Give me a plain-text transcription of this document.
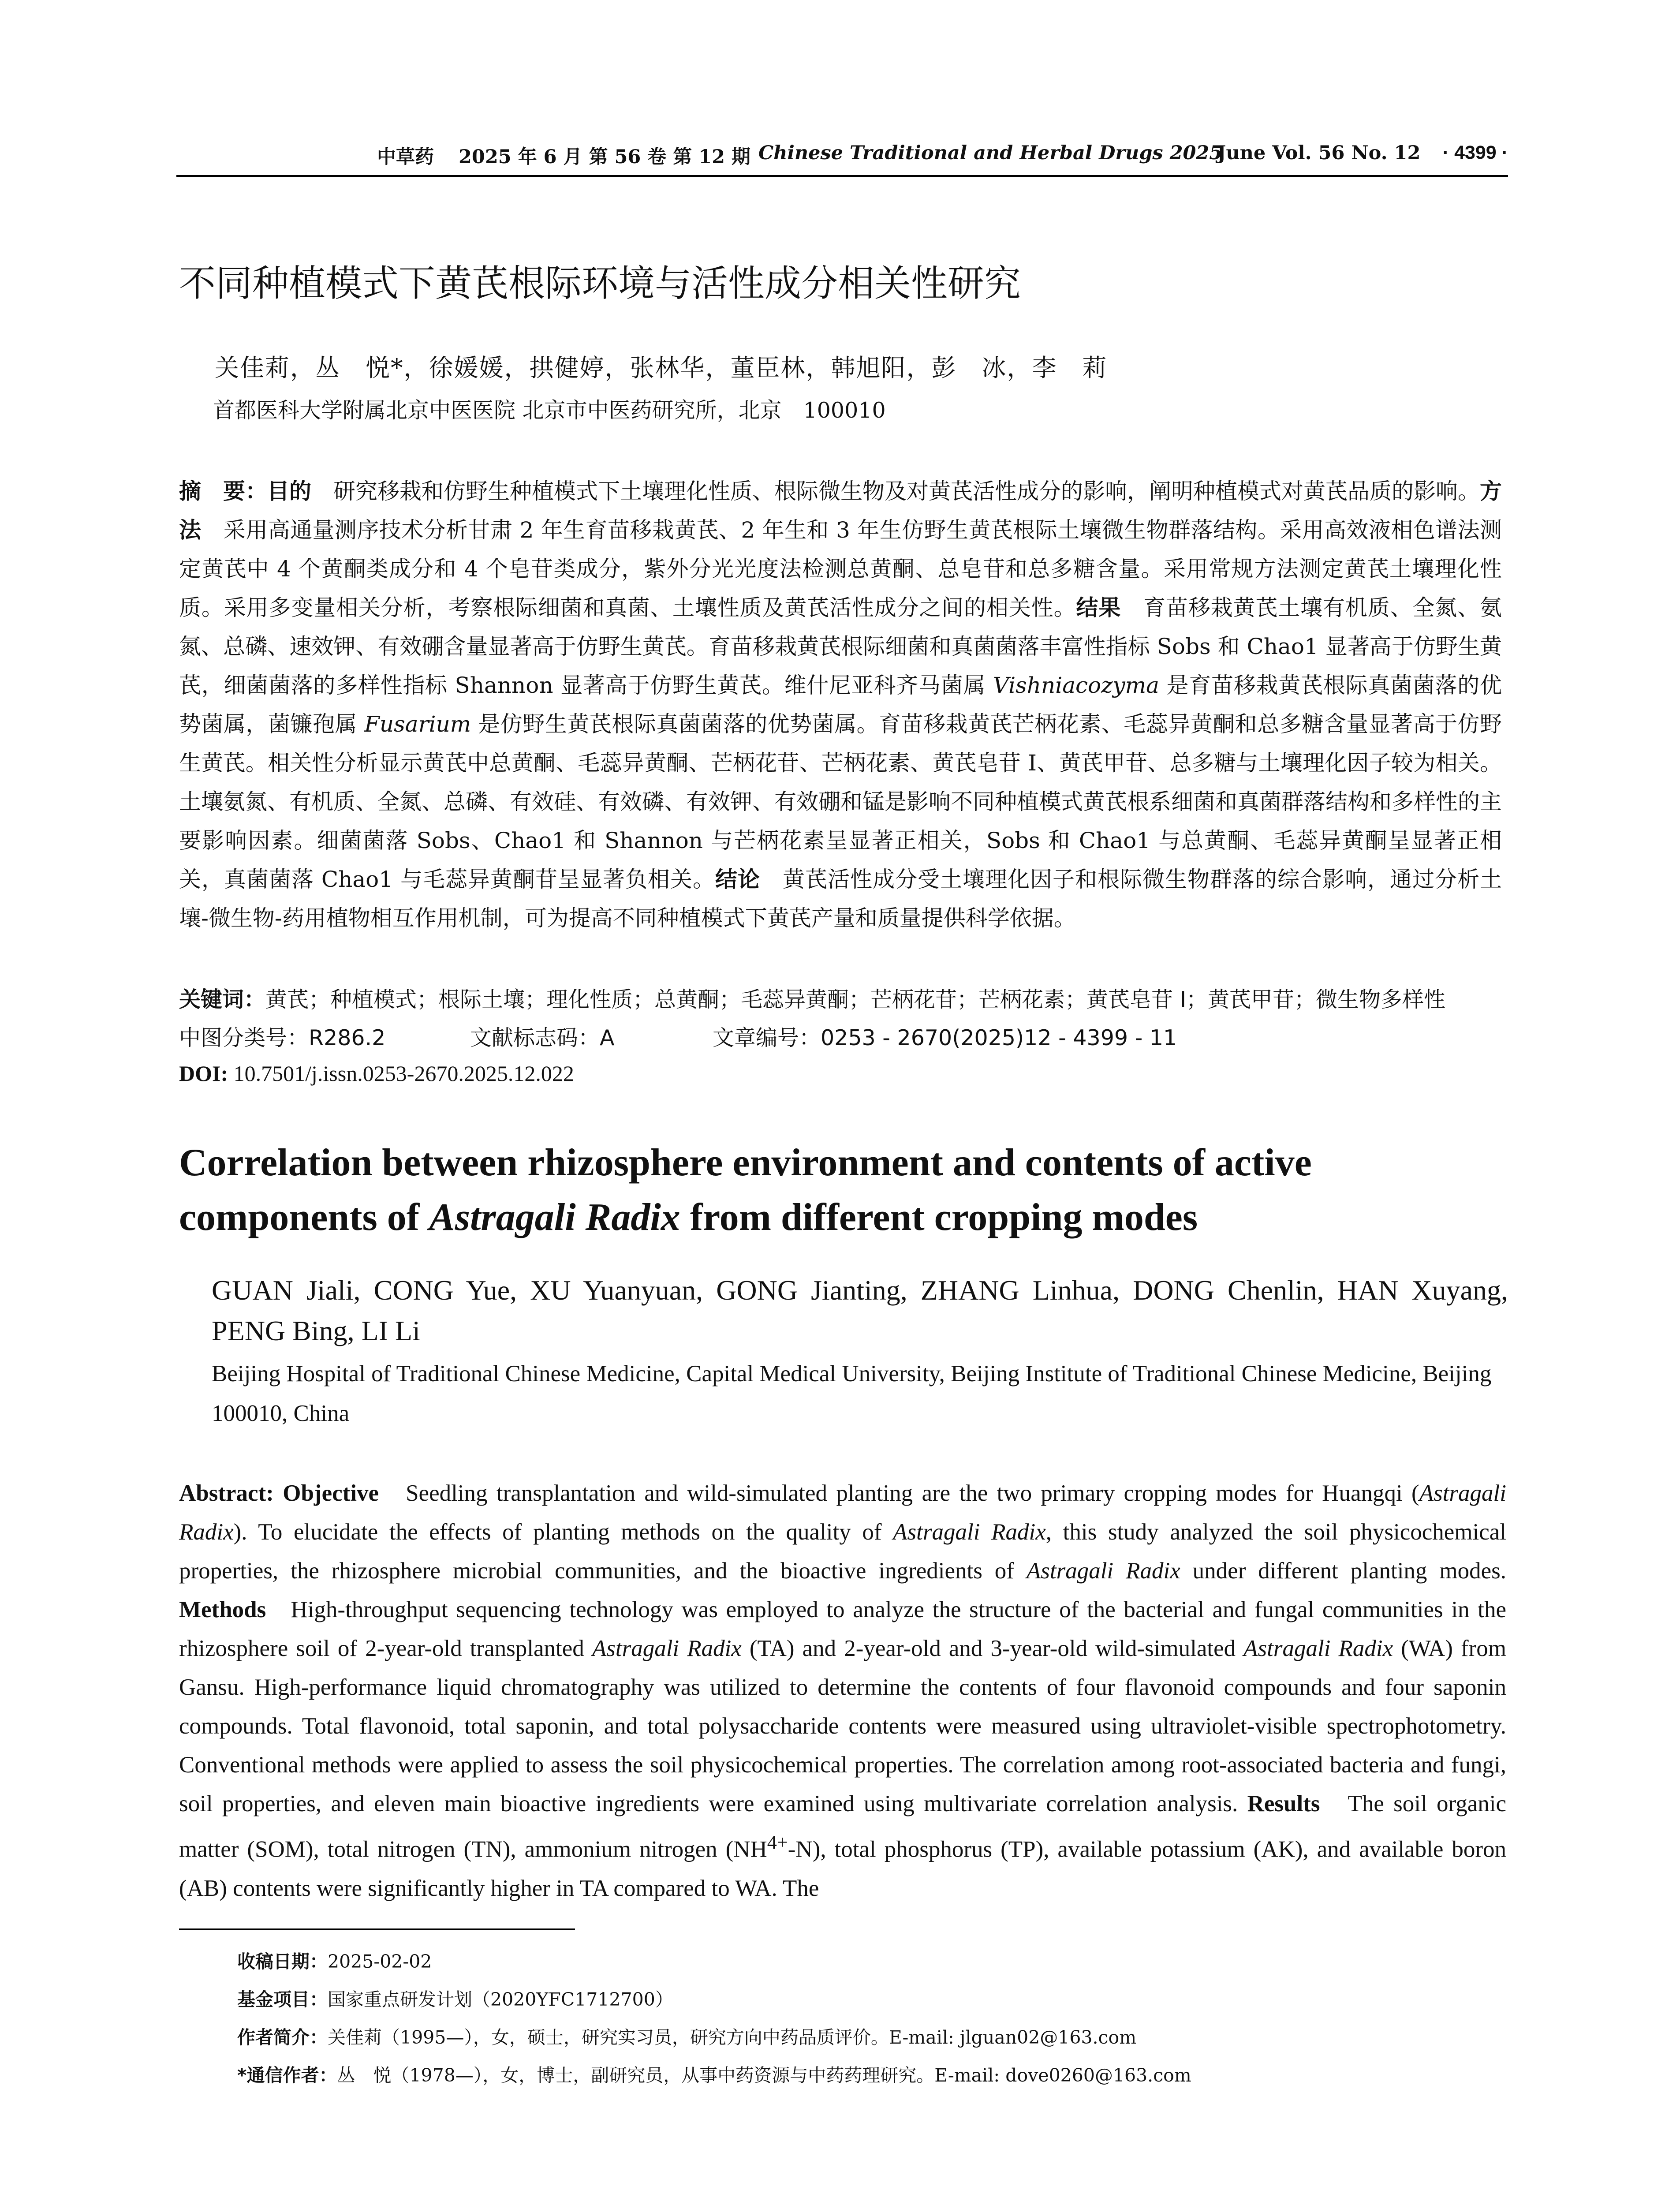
中草药 2025 年 6 月 第 56 卷 第 12 期 Chinese Traditional and Herbal Drugs 2025
June Vol. 56 No. 12 · 4399 ·
不同种植模式下黄芪根际环境与活性成分相关性研究
关佳莉，丛　悦*，徐媛媛，拱健婷，张林华，董臣林，韩旭阳，彭　冰，李　莉
首都医科大学附属北京中医医院 北京市中医药研究所，北京　100010
摘　要：目的　 研究移栽和仿野生种植模式下土壤理化性质、根际微生物及对黄芪活性成分的影响，阐明种植模式对黄芪品质的影响。方法　 采用高通量测序技术分析甘肃 2 年生育苗移栽黄芪、2 年生和 3 年生仿野生黄芪根际土壤微生物群落结构。采用高效液相色谱法测定黄芪中 4 个黄酮类成分和 4 个皂苷类成分，紫外分光光度法检测总黄酮、总皂苷和总多糖含量。采用常规方法测定黄芪土壤理化性质。采用多变量相关分析，考察根际细菌和真菌、土壤性质及黄芪活性成分之间的相关性。结果　 育苗移栽黄芪土壤有机质、全氮、氨氮、总磷、速效钾、有效硼含量显著高于仿野生黄芪。育苗移栽黄芪根际细菌和真菌菌落丰富性指标 Sobs 和 Chao1 显著高于仿野生黄芪，细菌菌落的多样性指标 Shannon 显著高于仿野生黄芪。维什尼亚科齐马菌属 Vishniacozyma 是育苗移栽黄芪根际真菌菌落的优势菌属，菌镰孢属 Fusarium 是仿野生黄芪根际真菌菌落的优势菌属。育苗移栽黄芪芒柄花素、毛蕊异黄酮和总多糖含量显著高于仿野生黄芪。相关性分析显示黄芪中总黄酮、毛蕊异黄酮、芒柄花苷、芒柄花素、黄芪皂苷 I、黄芪甲苷、总多糖与土壤理化因子较为相关。土壤氨氮、有机质、全氮、总磷、有效硅、有效磷、有效钾、有效硼和锰是影响不同种植模式黄芪根系细菌和真菌群落结构和多样性的主要影响因素。细菌菌落 Sobs、Chao1 和 Shannon 与芒柄花素呈显著正相关，Sobs 和 Chao1 与总黄酮、毛蕊异黄酮呈显著正相关，真菌菌落 Chao1 与毛蕊异黄酮苷呈显著负相关。结论　 黄芪活性成分受土壤理化因子和根际微生物群落的综合影响，通过分析土壤-微生物-药用植物相互作用机制，可为提高不同种植模式下黄芪产量和质量提供科学依据。
关键词：黄芪；种植模式；根际土壤；理化性质；总黄酮；毛蕊异黄酮；芒柄花苷；芒柄花素；黄芪皂苷 I；黄芪甲苷；微生物多样性
中图分类号：R286.2	文献标志码：A	文章编号：0253 - 2670(2025)12 - 4399 - 11
DOI: 10.7501/j.issn.0253-2670.2025.12.022
Correlation between rhizosphere environment and contents of active components of Astragali Radix from different cropping modes
GUAN Jiali, CONG Yue, XU Yuanyuan, GONG Jianting, ZHANG Linhua, DONG Chenlin, HAN Xuyang, PENG Bing, LI Li
Beijing Hospital of Traditional Chinese Medicine, Capital Medical University, Beijing Institute of Traditional Chinese Medicine, Beijing 100010, China
Abstract: Objective Seedling transplantation and wild-simulated planting are the two primary cropping modes for Huangqi (Astragali Radix). To elucidate the effects of planting methods on the quality of Astragali Radix, this study analyzed the soil physicochemical properties, the rhizosphere microbial communities, and the bioactive ingredients of Astragali Radix under different planting modes. Methods High-throughput sequencing technology was employed to analyze the structure of the bacterial and fungal communities in the rhizosphere soil of 2-year-old transplanted Astragali Radix (TA) and 2-year-old and 3-year-old wild-simulated Astragali Radix (WA) from Gansu. High-performance liquid chromatography was utilized to determine the contents of four flavonoid compounds and four saponin compounds. Total flavonoid, total saponin, and total polysaccharide contents were measured using ultraviolet-visible spectrophotometry. Conventional methods were applied to assess the soil physicochemical properties. The correlation among root-associated bacteria and fungi, soil properties, and eleven main bioactive ingredients were examined using multivariate correlation analysis. Results The soil organic matter (SOM), total nitrogen (TN), ammonium nitrogen $(NH^{4+}-N)$, total phosphorus (TP), available potassium (AK), and available boron (AB) contents were significantly higher in TA compared to WA. The
收稿日期：2025-02-02
基金项目：国家重点研发计划（2020YFC1712700）
作者简介：关佳莉（1995—），女，硕士，研究实习员，研究方向中药品质评价。E-mail: jlguan02@163.com
*通信作者：丛　悦（1978—），女，博士，副研究员，从事中药资源与中药药理研究。E-mail: dove0260@163.com
